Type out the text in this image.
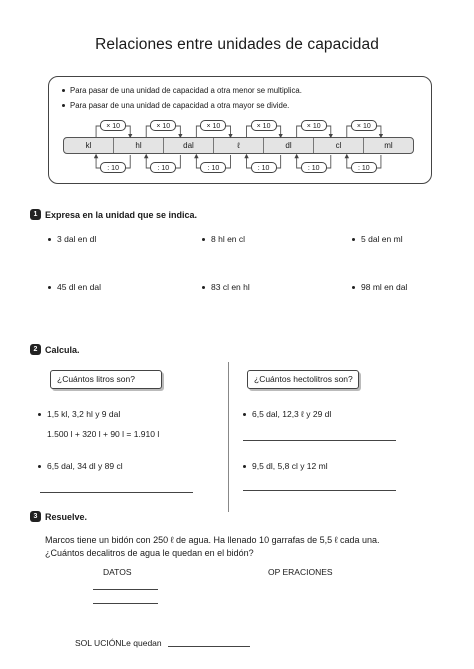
Relaciones entre unidades de capacidad
Para pasar de una unidad de capacidad a otra menor se multiplica.
Para pasar de una unidad de capacidad a otra mayor se divide.
kl	hl	dal	ℓ	dl	cl	ml
× 10
: 10
× 10
: 10
× 10
: 10
× 10
: 10
× 10
: 10
× 10
: 10
1 Expresa en la unidad que se indica.
3 dal en dl	8 hl en cl	5 dal en ml
45 dl en dal	83 cl en hl	98 ml en dal
2 Calcula.
¿Cuántos litros son?
1,5 kl, 3,2 hl y 9 dal
1.500 l + 320 l + 90 l = 1.910 l
6,5 dal, 34 dl y 89 cl
¿Cuántos hectolitros son?
6,5 dal, 12,3 ℓ y 29 dl
9,5 dl, 5,8 cl y 12 ml
3 Resuelve.
Marcos tiene un bidón con 250 ℓ de agua. Ha llenado 10 garrafas de 5,5 ℓ cada una.
¿Cuántos decalitros de agua le quedan en el bidón?
DATOS	OP ERACIONES
SOL UCIÓNLe quedan
